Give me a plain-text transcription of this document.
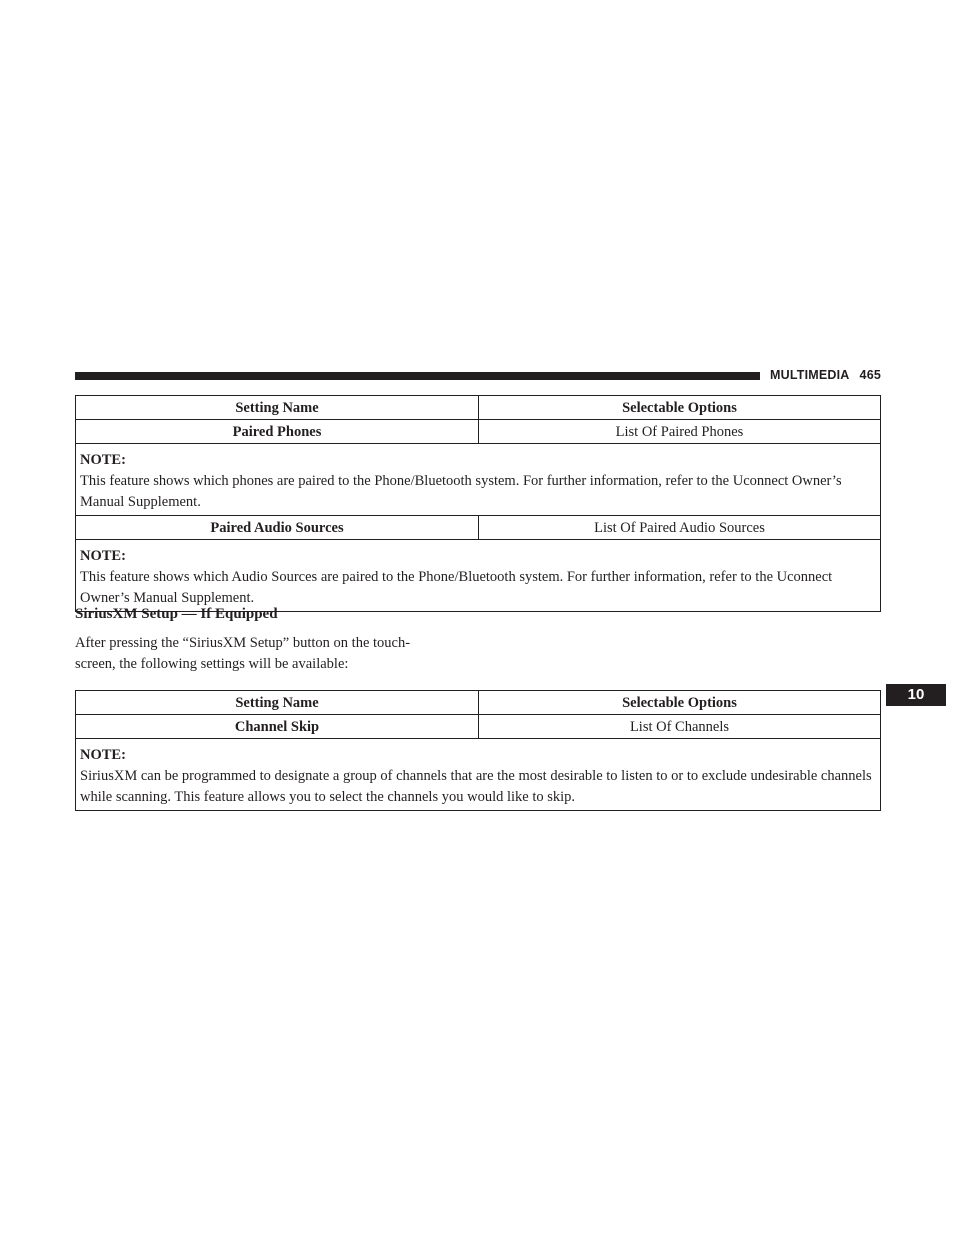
MULTIMEDIA 465
10
Setting Name	Selectable Options
Paired Phones	List Of Paired Phones

NOTE:
This feature shows which phones are paired to the Phone/Bluetooth system. For further information, refer to the Uconnect Owner’s Manual Supplement.	
Paired Audio Sources	List Of Paired Audio Sources

NOTE:
This feature shows which Audio Sources are paired to the Phone/Bluetooth system. For further information, refer to the Uconnect Owner’s Manual Supplement.	
SiriusXM Setup — If Equipped

After pressing the “SiriusXM Setup” button on the touch-
screen, the following settings will be available:

Setting Name	Selectable Options
Channel Skip	List Of Channels

NOTE:
SiriusXM can be programmed to designate a group of channels that are the most desirable to listen to or to exclude undesirable channels while scanning. This feature allows you to select the channels you would like to skip.	
